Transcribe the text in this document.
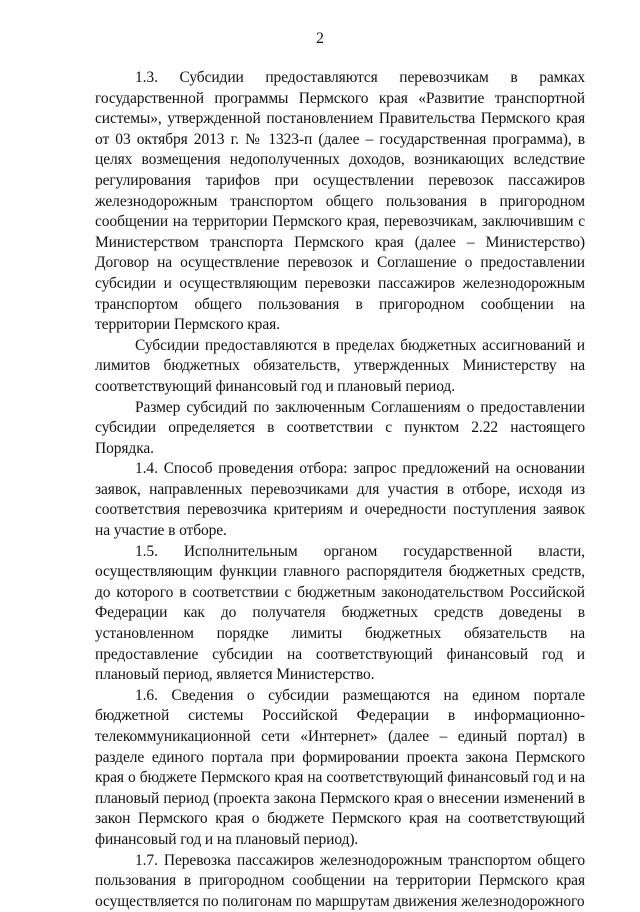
2

1.3. Субсидии предоставляются перевозчикам в рамках государственной программы Пермского края «Развитие транспортной системы», утвержденной постановлением Правительства Пермского края от 03 октября 2013 г. № 1323-п (далее – государственная программа), в целях возмещения недополученных доходов, возникающих вследствие регулирования тарифов при осуществлении перевозок пассажиров железнодорожным транспортом общего пользования в пригородном сообщении на территории Пермского края, перевозчикам, заключившим с Министерством транспорта Пермского края (далее – Министерство) Договор на осуществление перевозок и Соглашение о предоставлении субсидии и осуществляющим перевозки пассажиров железнодорожным транспортом общего пользования в пригородном сообщении на территории Пермского края.

Субсидии предоставляются в пределах бюджетных ассигнований и лимитов бюджетных обязательств, утвержденных Министерству на соответствующий финансовый год и плановый период.

Размер субсидий по заключенным Соглашениям о предоставлении субсидии определяется в соответствии с пунктом 2.22 настоящего Порядка.

1.4. Способ проведения отбора: запрос предложений на основании заявок, направленных перевозчиками для участия в отборе, исходя из соответствия перевозчика критериям и очередности поступления заявок на участие в отборе.

1.5. Исполнительным органом государственной власти, осуществляющим функции главного распорядителя бюджетных средств, до которого в соответствии с бюджетным законодательством Российской Федерации как до получателя бюджетных средств доведены в установленном порядке лимиты бюджетных обязательств на предоставление субсидии на соответствующий финансовый год и плановый период, является Министерство.

1.6. Сведения о субсидии размещаются на едином портале бюджетной системы Российской Федерации в информационно-телекоммуникационной сети «Интернет» (далее – единый портал) в разделе единого портала при формировании проекта закона Пермского края о бюджете Пермского края на соответствующий финансовый год и на плановый период (проекта закона Пермского края о внесении изменений в закон Пермского края о бюджете Пермского края на соответствующий финансовый год и на плановый период).

1.7. Перевозка пассажиров железнодорожным транспортом общего пользования в пригородном сообщении на территории Пермского края осуществляется по полигонам по маршрутам движения железнодорожного
